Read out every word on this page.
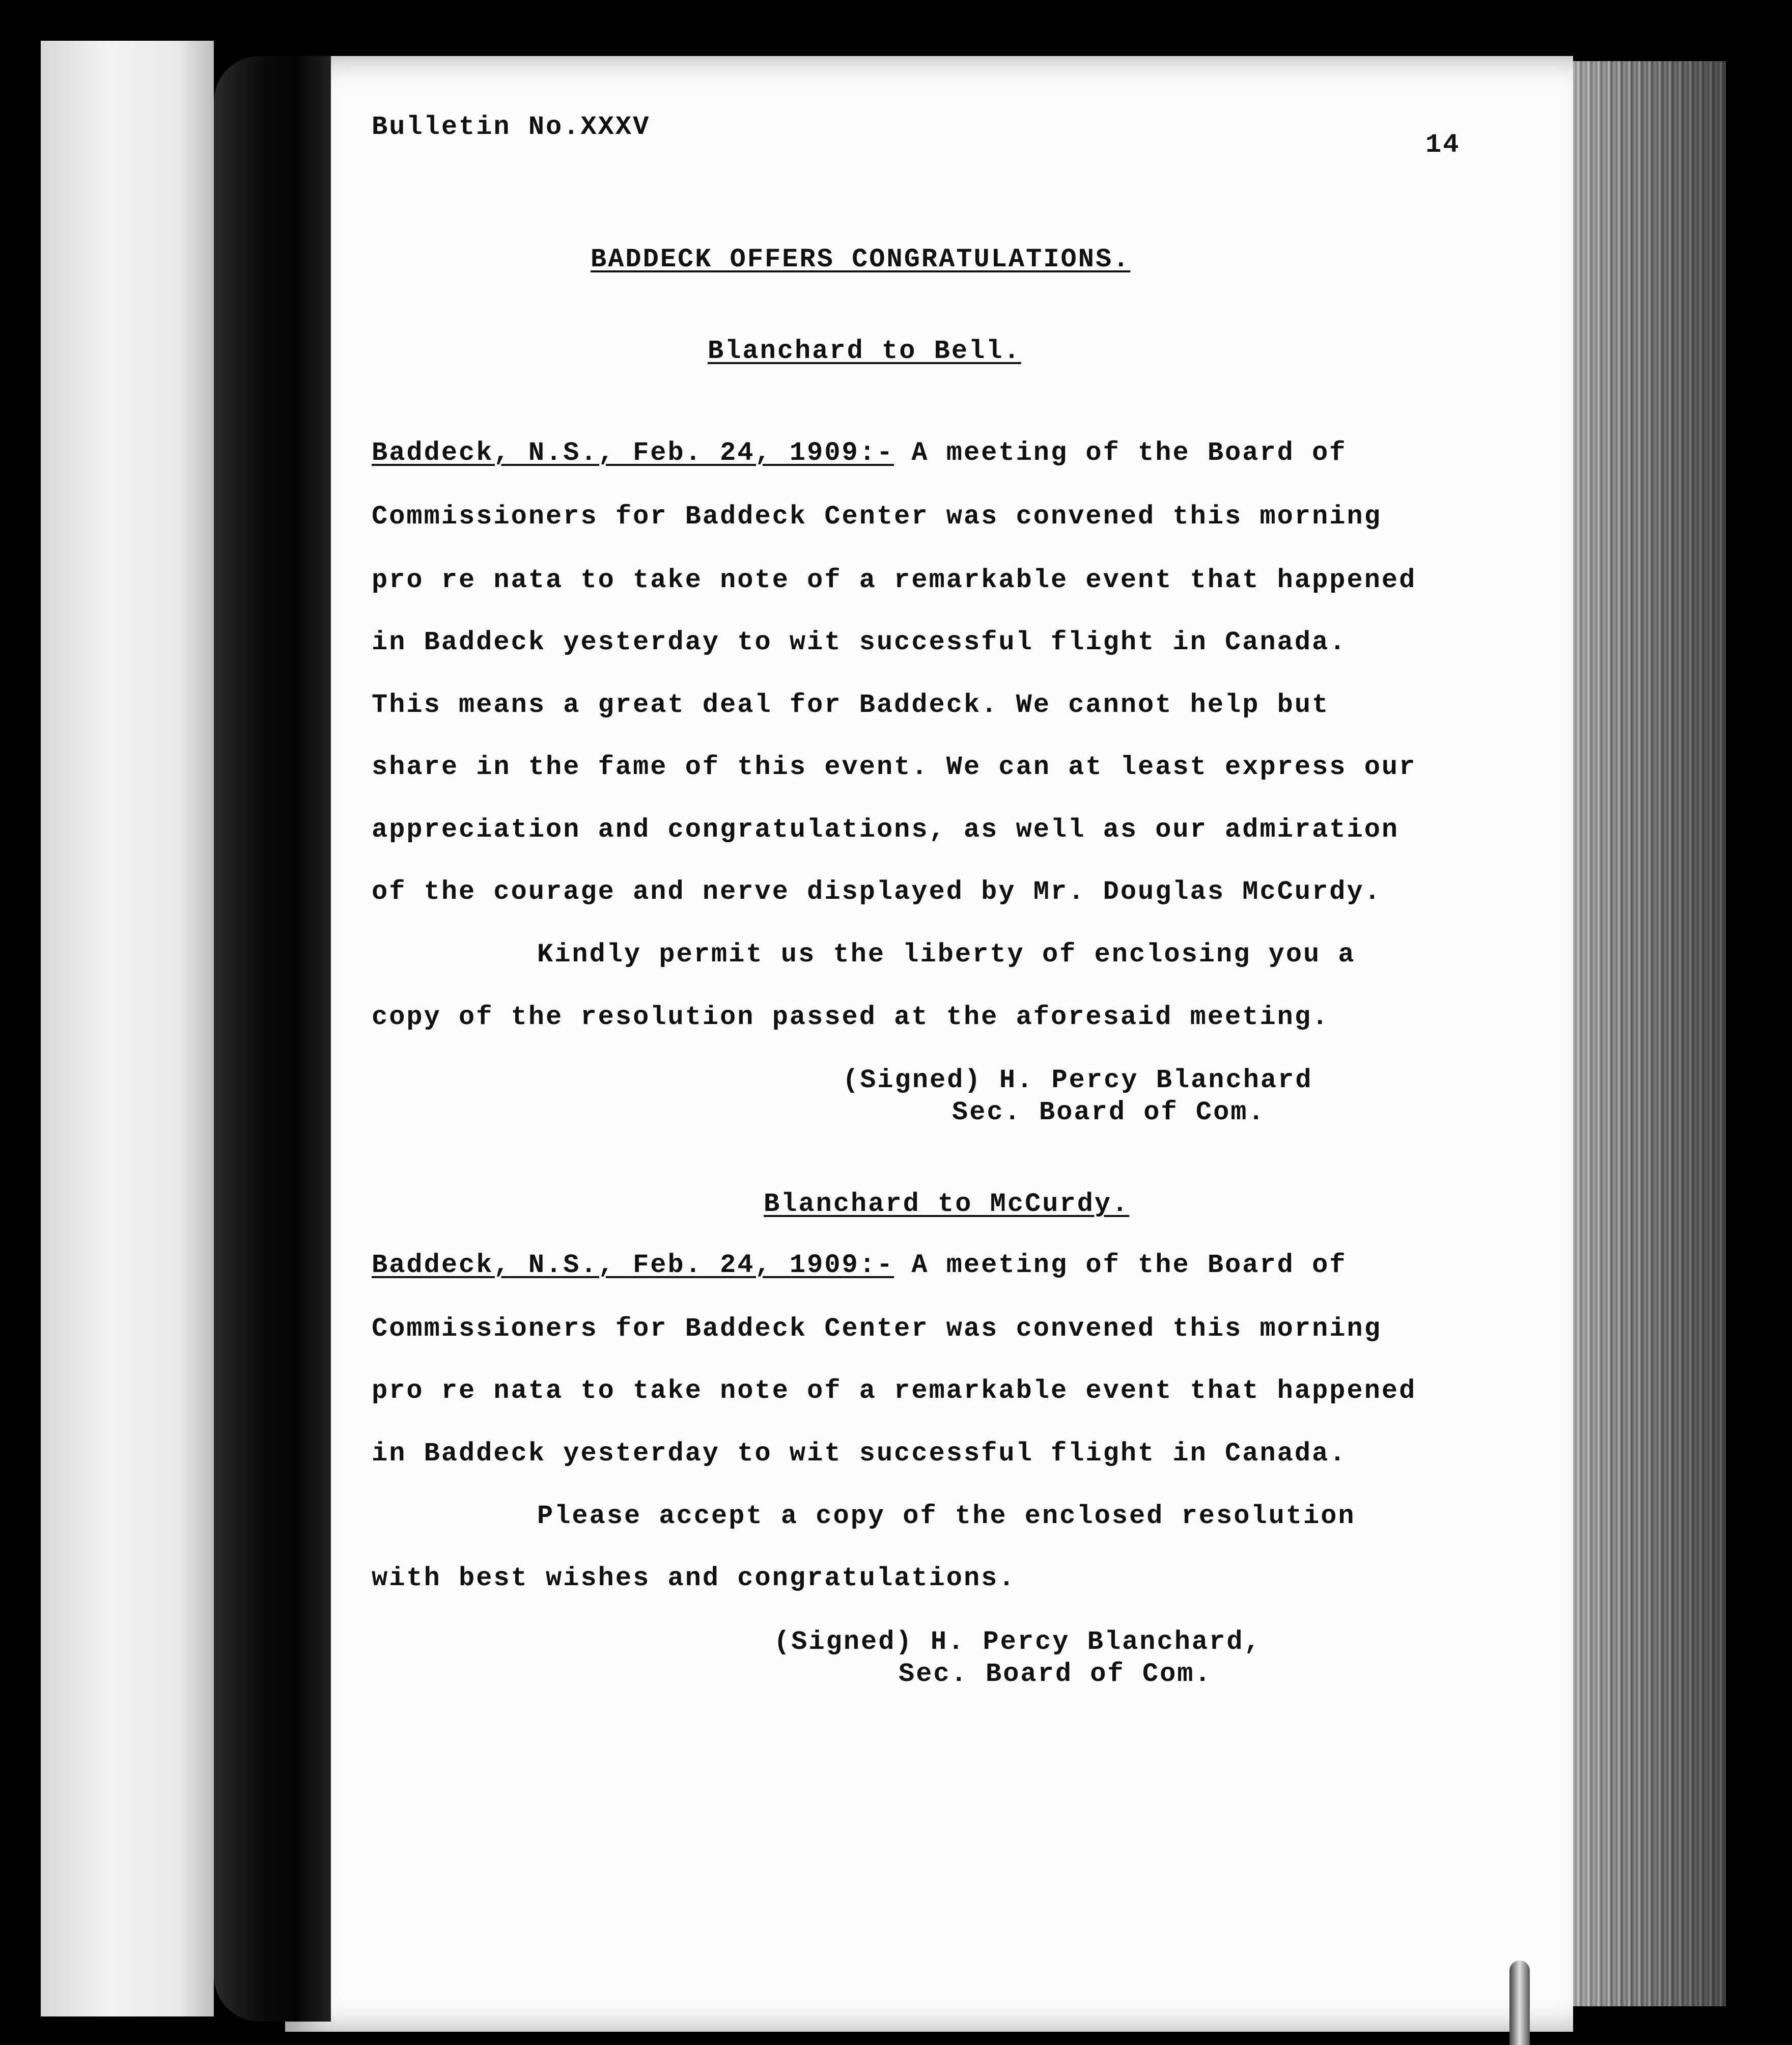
Bulletin No.XXXV
14
BADDECK OFFERS CONGRATULATIONS.
Blanchard to Bell.
Baddeck, N.S., Feb. 24, 1909:- A meeting of the Board of
Commissioners for Baddeck Center was convened this morning
pro re nata to take note of a remarkable event that happened
in Baddeck yesterday to wit successful flight in Canada.
This means a great deal for Baddeck. We cannot help but
share in the fame of this event. We can at least express our
appreciation and congratulations, as well as our admiration
of the courage and nerve displayed by Mr. Douglas McCurdy.
Kindly permit us the liberty of enclosing you a
copy of the resolution passed at the aforesaid meeting.
(Signed) H. Percy Blanchard
Sec. Board of Com.
Blanchard to McCurdy.
Baddeck, N.S., Feb. 24, 1909:- A meeting of the Board of
Commissioners for Baddeck Center was convened this morning
pro re nata to take note of a remarkable event that happened
in Baddeck yesterday to wit successful flight in Canada.
Please accept a copy of the enclosed resolution
with best wishes and congratulations.
(Signed) H. Percy Blanchard,
Sec. Board of Com.
